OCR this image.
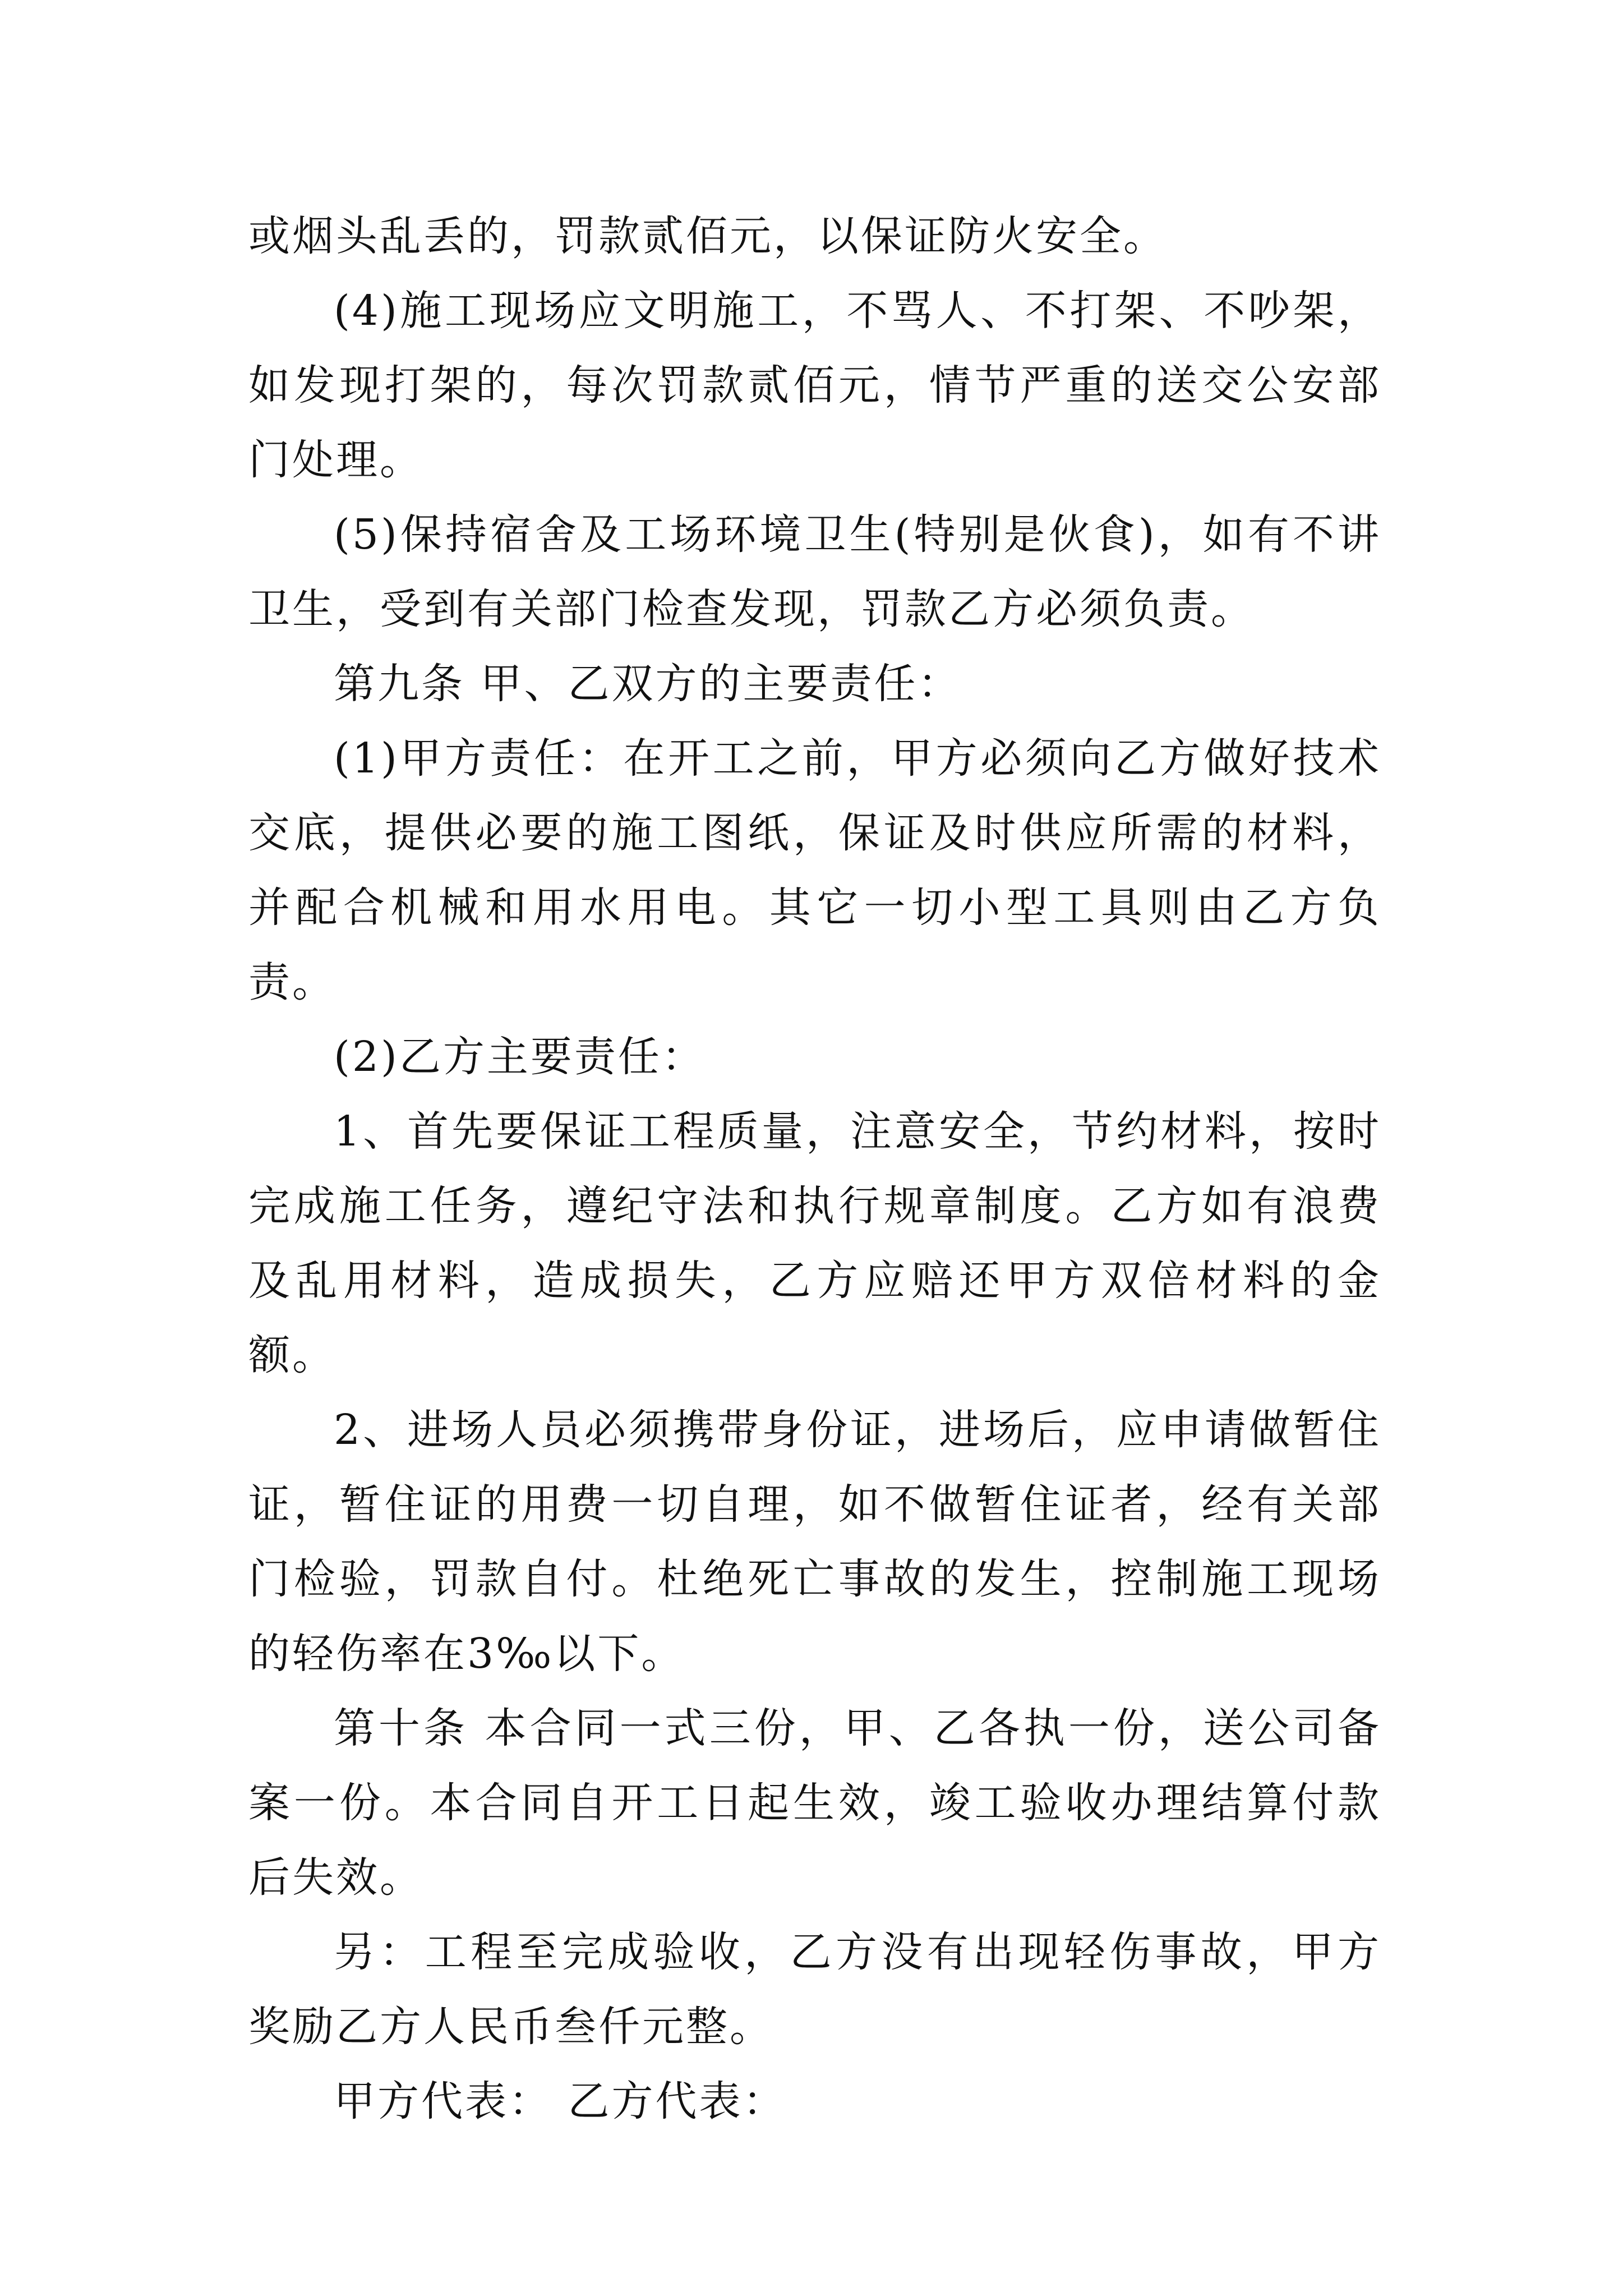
或烟头乱丢的，罚款贰佰元，以保证防火安全。

(4)施工现场应文明施工，不骂人、不打架、不吵架，如发现打架的，每次罚款贰佰元，情节严重的送交公安部门处理。

(5)保持宿舍及工场环境卫生(特别是伙食)，如有不讲卫生，受到有关部门检查发现，罚款乙方必须负责。

第九条 甲、乙双方的主要责任：

(1)甲方责任：在开工之前，甲方必须向乙方做好技术交底，提供必要的施工图纸，保证及时供应所需的材料，并配合机械和用水用电。其它一切小型工具则由乙方负责。

(2)乙方主要责任：

1、首先要保证工程质量，注意安全，节约材料，按时完成施工任务，遵纪守法和执行规章制度。乙方如有浪费及乱用材料，造成损失，乙方应赔还甲方双倍材料的金额。

2、进场人员必须携带身份证，进场后，应申请做暂住证，暂住证的用费一切自理，如不做暂住证者，经有关部门检验，罚款自付。杜绝死亡事故的发生，控制施工现场的轻伤率在3‰以下。

第十条 本合同一式三份，甲、乙各执一份，送公司备案一份。本合同自开工日起生效，竣工验收办理结算付款后失效。

另：工程至完成验收，乙方没有出现轻伤事故，甲方奖励乙方人民币叁仟元整。

甲方代表： 乙方代表：
